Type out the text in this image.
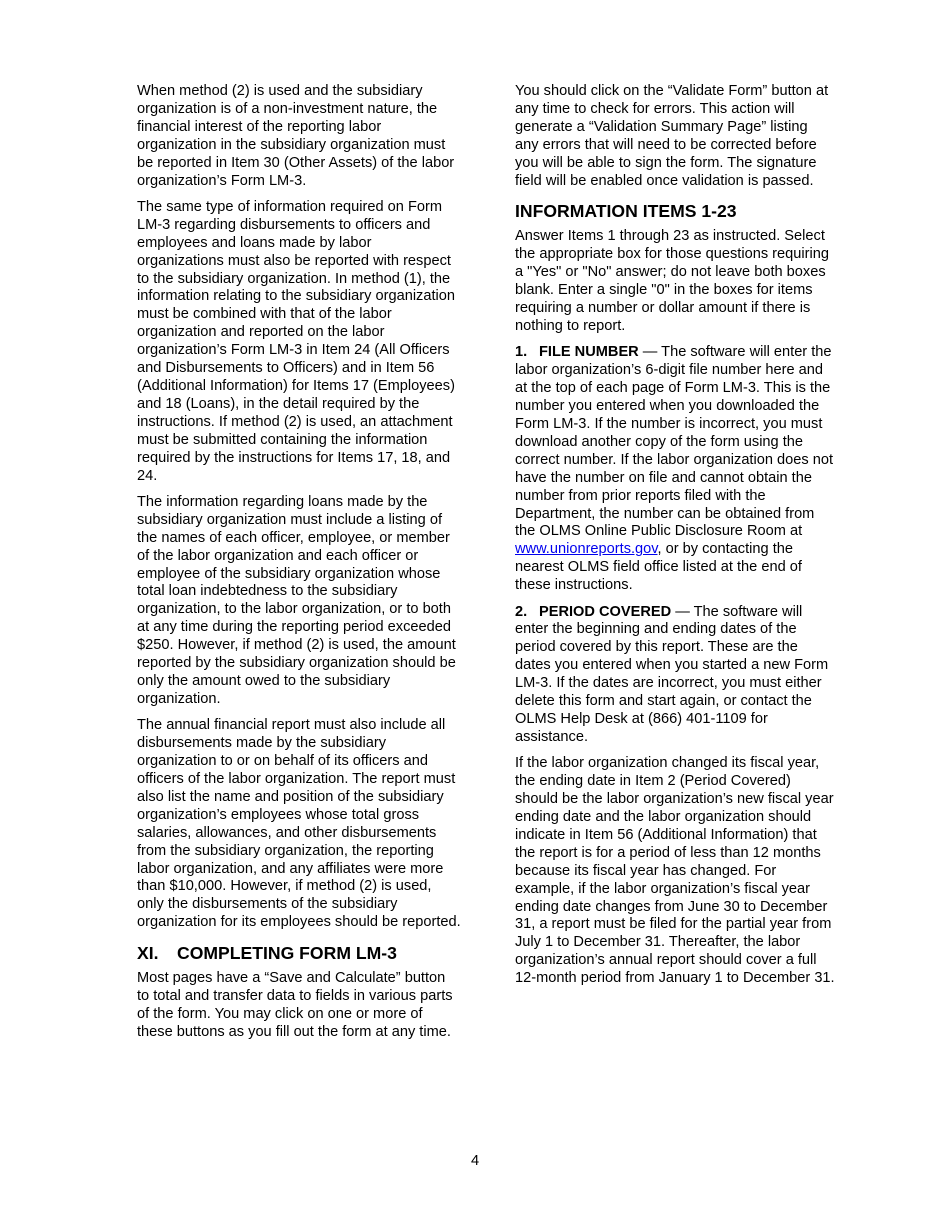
When method (2) is used and the subsidiary organization is of a non-investment nature, the financial interest of the reporting labor organization in the subsidiary organization must be reported in Item 30 (Other Assets) of the labor organization’s Form LM-3.

The same type of information required on Form LM-3 regarding disbursements to officers and employees and loans made by labor organizations must also be reported with respect to the subsidiary organization. In method (1), the information relating to the subsidiary organization must be combined with that of the labor organization and reported on the labor organization’s Form LM-3 in Item 24 (All Officers and Disbursements to Officers) and in Item 56 (Additional Information) for Items 17 (Employees) and 18 (Loans), in the detail required by the instructions. If method (2) is used, an attachment must be submitted containing the information required by the instructions for Items 17, 18, and 24.

The information regarding loans made by the subsidiary organization must include a listing of the names of each officer, employee, or member of the labor organization and each officer or employee of the subsidiary organization whose total loan indebtedness to the subsidiary organization, to the labor organization, or to both at any time during the reporting period exceeded $250. However, if method (2) is used, the amount reported by the subsidiary organization should be only the amount owed to the subsidiary organization.

The annual financial report must also include all disbursements made by the subsidiary organization to or on behalf of its officers and officers of the labor organization. The report must also list the name and position of the subsidiary organization’s employees whose total gross salaries, allowances, and other disbursements from the subsidiary organization, the reporting labor organization, and any affiliates were more than $10,000. However, if method (2) is used, only the disbursements of the subsidiary organization for its employees should be reported.

XI. COMPLETING FORM LM-3

Most pages have a “Save and Calculate” button to total and transfer data to fields in various parts of the form. You may click on one or more of these buttons as you fill out the form at any time.

You should click on the “Validate Form” button at any time to check for errors. This action will generate a “Validation Summary Page” listing any errors that will need to be corrected before you will be able to sign the form. The signature field will be enabled once validation is passed.

INFORMATION ITEMS 1-23

Answer Items 1 through 23 as instructed. Select the appropriate box for those questions requiring a "Yes" or "No" answer; do not leave both boxes blank. Enter a single "0" in the boxes for items requiring a number or dollar amount if there is nothing to report.

1. FILE NUMBER — The software will enter the labor organization’s 6-digit file number here and at the top of each page of Form LM-3. This is the number you entered when you downloaded the Form LM-3. If the number is incorrect, you must download another copy of the form using the correct number. If the labor organization does not have the number on file and cannot obtain the number from prior reports filed with the Department, the number can be obtained from the OLMS Online Public Disclosure Room at www.unionreports.gov, or by contacting the nearest OLMS field office listed at the end of these instructions.

2. PERIOD COVERED — The software will enter the beginning and ending dates of the period covered by this report. These are the dates you entered when you started a new Form LM-3. If the dates are incorrect, you must either delete this form and start again, or contact the OLMS Help Desk at (866) 401-1109 for assistance.

If the labor organization changed its fiscal year, the ending date in Item 2 (Period Covered) should be the labor organization’s new fiscal year ending date and the labor organization should indicate in Item 56 (Additional Information) that the report is for a period of less than 12 months because its fiscal year has changed. For example, if the labor organization’s fiscal year ending date changes from June 30 to December 31, a report must be filed for the partial year from July 1 to December 31. Thereafter, the labor organization’s annual report should cover a full 12-month period from January 1 to December 31.

4
